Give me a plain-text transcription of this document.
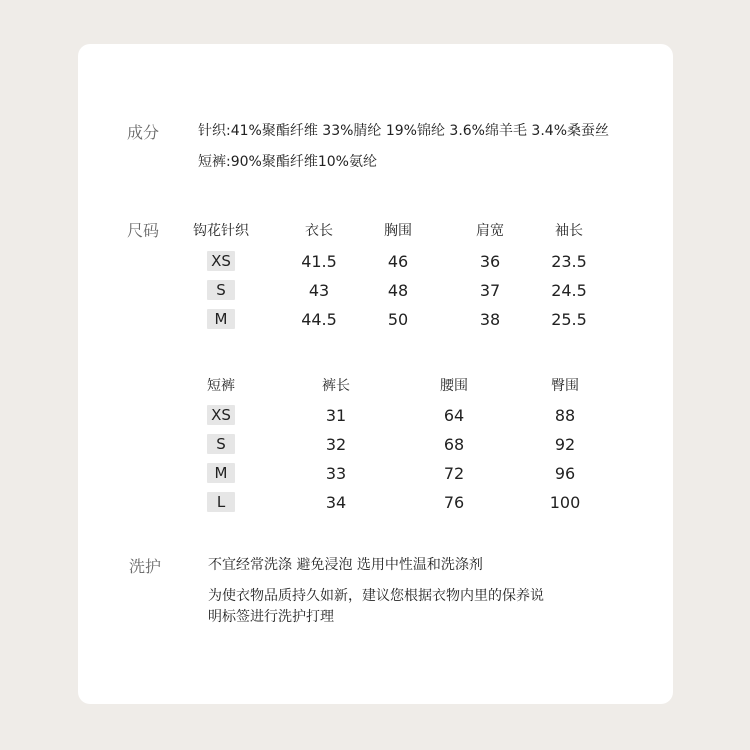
成分	针织:41%聚酯纤维 33%腈纶 19%锦纶 3.6%绵羊毛 3.4%桑蚕丝
短裤:90%聚酯纤维10%氨纶
尺码 钩花针织	衣长	胸围	肩宽	袖长
XS	41.5	46	36	23.5
S	43	48	37	24.5
M	44.5	50	38	25.5
短裤	裤长	腰围	臀围
XS	31	64	88
S	32	68	92
M	33	72	96
L	34	76	100
洗护	不宜经常洗涤 避免浸泡 选用中性温和洗涤剂
为使衣物品质持久如新，建议您根据衣物内里的保养说
明标签进行洗护打理
